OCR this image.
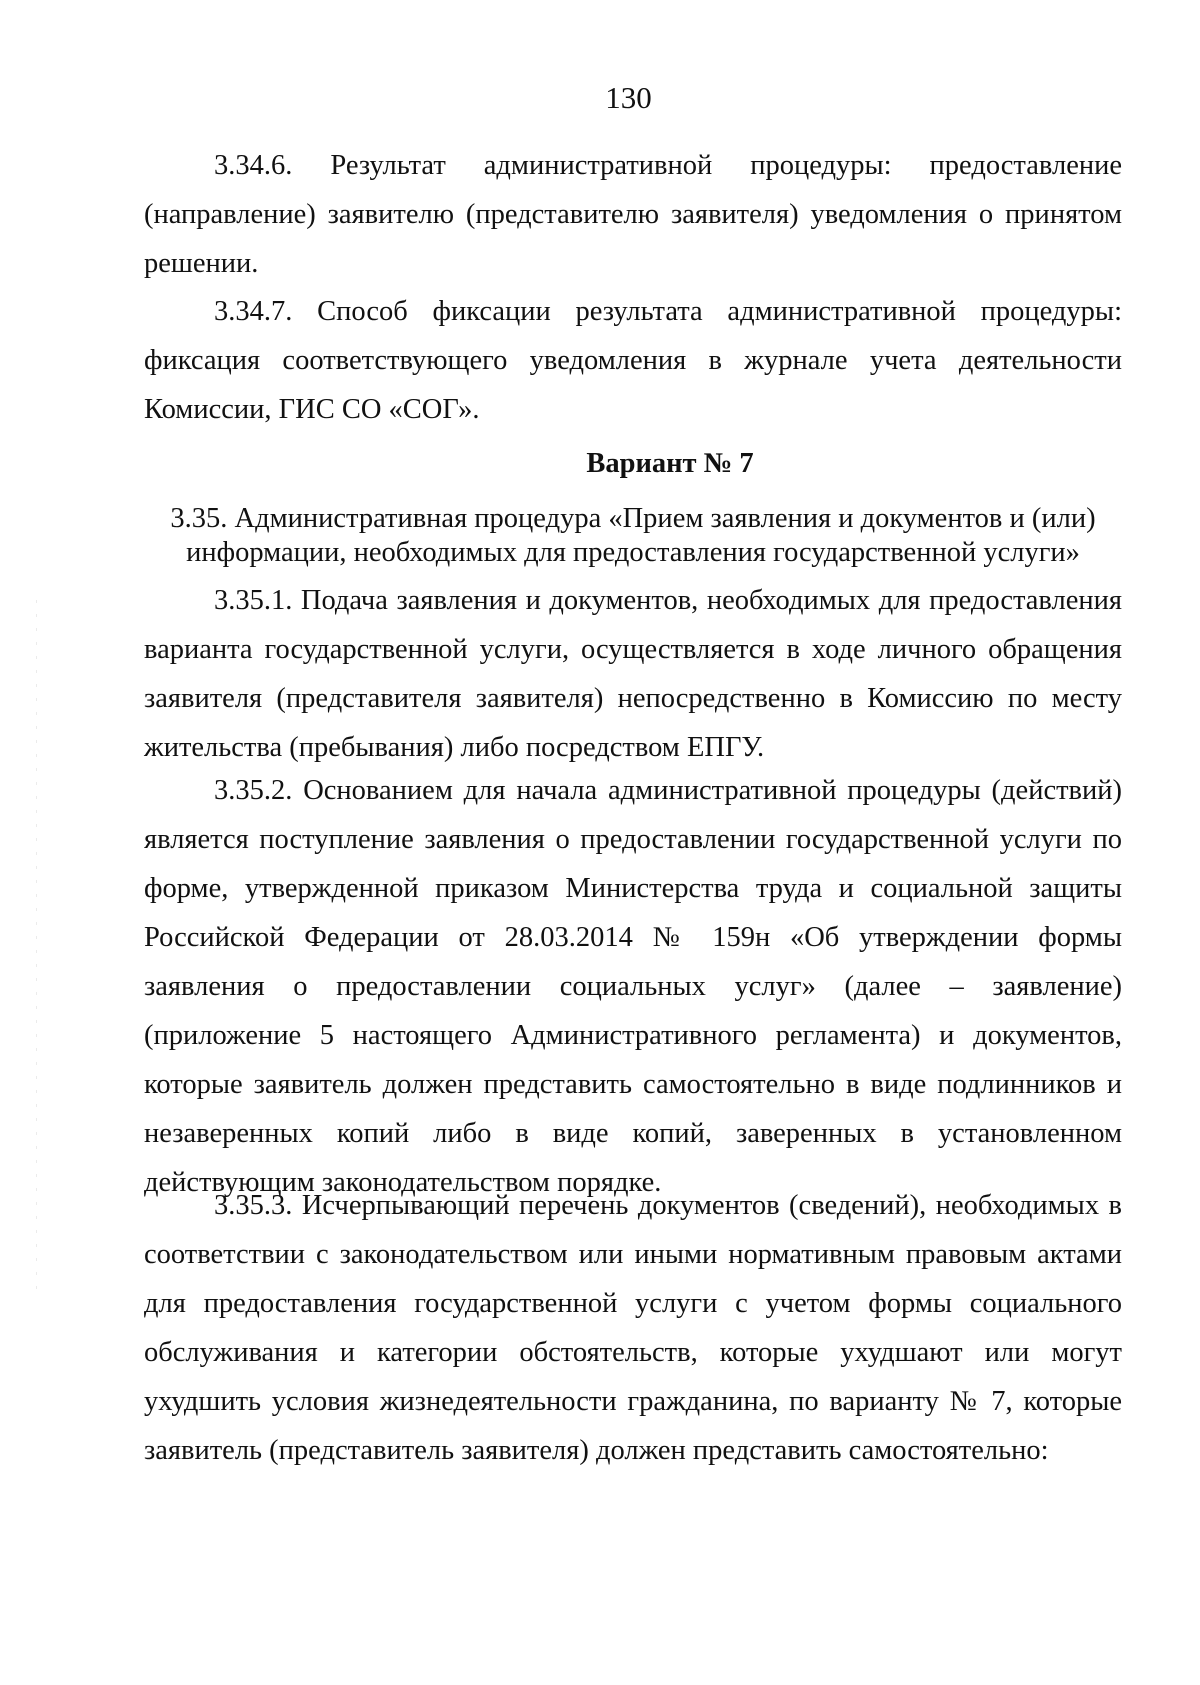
130

3.34.6. Результат административной процедуры: предоставление (направление) заявителю (представителю заявителя) уведомления о принятом решении.

3.34.7. Способ фиксации результата административной процедуры: фиксация соответствующего уведомления в журнале учета деятельности Комиссии, ГИС СО «СОГ».

Вариант № 7

3.35. Административная процедура «Прием заявления и документов и (или) информации, необходимых для предоставления государственной услуги»

3.35.1. Подача заявления и документов, необходимых для предоставления варианта государственной услуги, осуществляется в ходе личного обращения заявителя (представителя заявителя) непосредственно в Комиссию по месту жительства (пребывания) либо посредством ЕПГУ.

3.35.2. Основанием для начала административной процедуры (действий) является поступление заявления о предоставлении государственной услуги по форме, утвержденной приказом Министерства труда и социальной защиты Российской Федерации от 28.03.2014 № 159н «Об утверждении формы заявления о предоставлении социальных услуг» (далее – заявление) (приложение 5 настоящего Административного регламента) и документов, которые заявитель должен представить самостоятельно в виде подлинников и незаверенных копий либо в виде копий, заверенных в установленном действующим законодательством порядке.

3.35.3. Исчерпывающий перечень документов (сведений), необходимых в соответствии с законодательством или иными нормативным правовым актами для предоставления государственной услуги с учетом формы социального обслуживания и категории обстоятельств, которые ухудшают или могут ухудшить условия жизнедеятельности гражданина, по варианту № 7, которые заявитель (представитель заявителя) должен представить самостоятельно:
